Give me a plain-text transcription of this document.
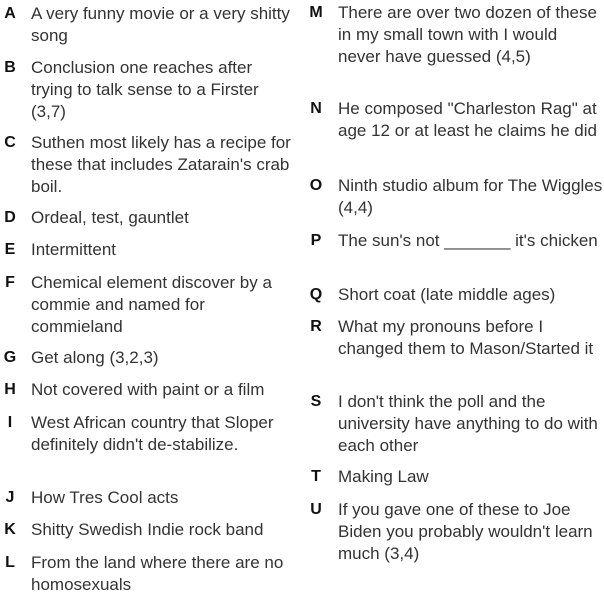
A A very funny movie or a very shitty song
B Conclusion one reaches after trying to talk sense to a Firster (3,7)
C Suthen most likely has a recipe for these that includes Zatarain's crab boil.
D Ordeal, test, gauntlet
E Intermittent
F Chemical element discover by a commie and named for commieland
G Get along (3,2,3)
H Not covered with paint or a film
I	West African country that Sloper definitely didn't de-stabilize.
J How Tres Cool acts
K Shitty Swedish Indie rock band
L From the land where there are no homosexuals
M There are over two dozen of these in my small town with I would never have guessed (4,5)
N He composed "Charleston Rag" at age 12 or at least he claims he did
O Ninth studio album for The Wiggles (4,4)
P The sun's not _______ it's chicken
Q Short coat (late middle ages)
R What my pronouns before I changed them to Mason/Started it
S I don't think the poll and the university have anything to do with each other
T	Making Law
U If you gave one of these to Joe Biden you probably wouldn't learn much (3,4)
